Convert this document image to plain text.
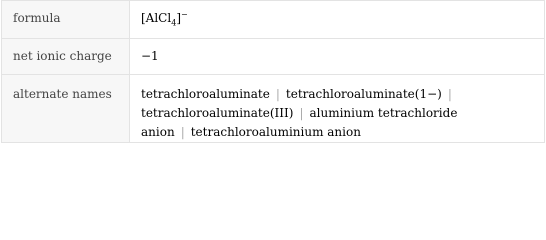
formula	[AlCl$_4$]−

net ionic charge	−1

alternate names	tetrachloroaluminate | tetrachloroaluminate(1−) |
tetrachloroaluminate(III) | aluminium tetrachloride anion | tetrachloroaluminium anion
